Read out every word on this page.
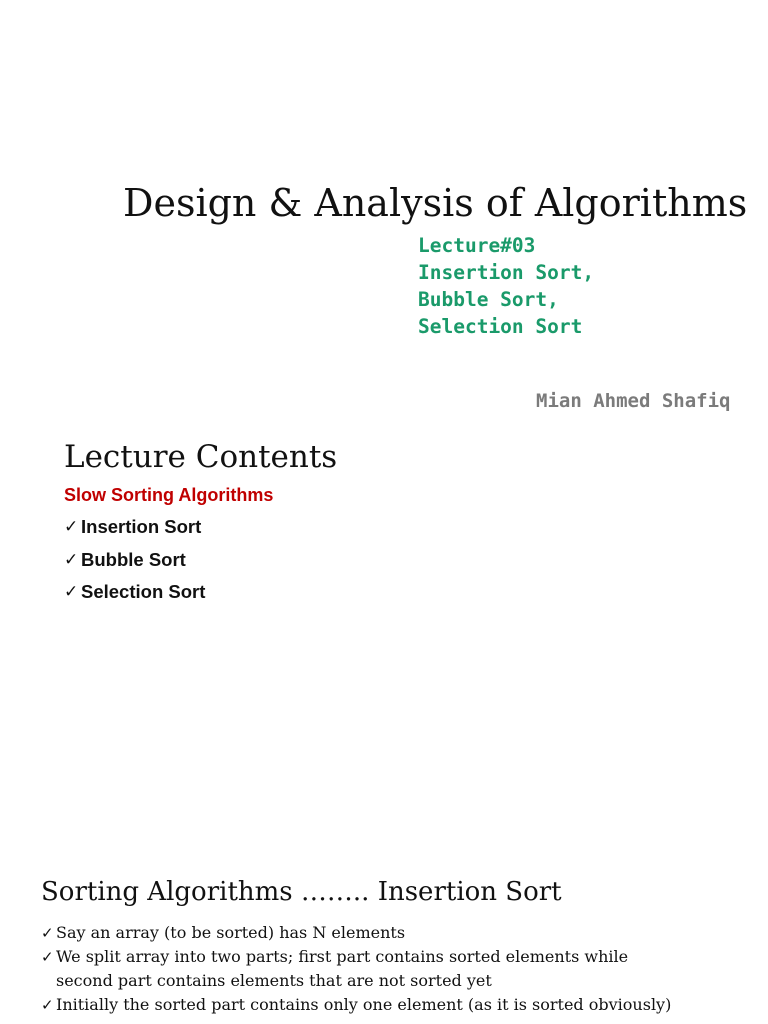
Design & Analysis of Algorithms
Lecture#03
Insertion Sort,
Bubble Sort,
Selection Sort
Mian Ahmed Shafiq
Lecture Contents
Slow Sorting Algorithms
✓ Insertion Sort
✓ Bubble Sort
✓ Selection Sort
Sorting Algorithms …….. Insertion Sort
✓ Say an array (to be sorted) has N elements
✓ We split array into two parts; first part contains sorted elements while
second part contains elements that are not sorted yet
✓ Initially the sorted part contains only one element (as it is sorted obviously)
